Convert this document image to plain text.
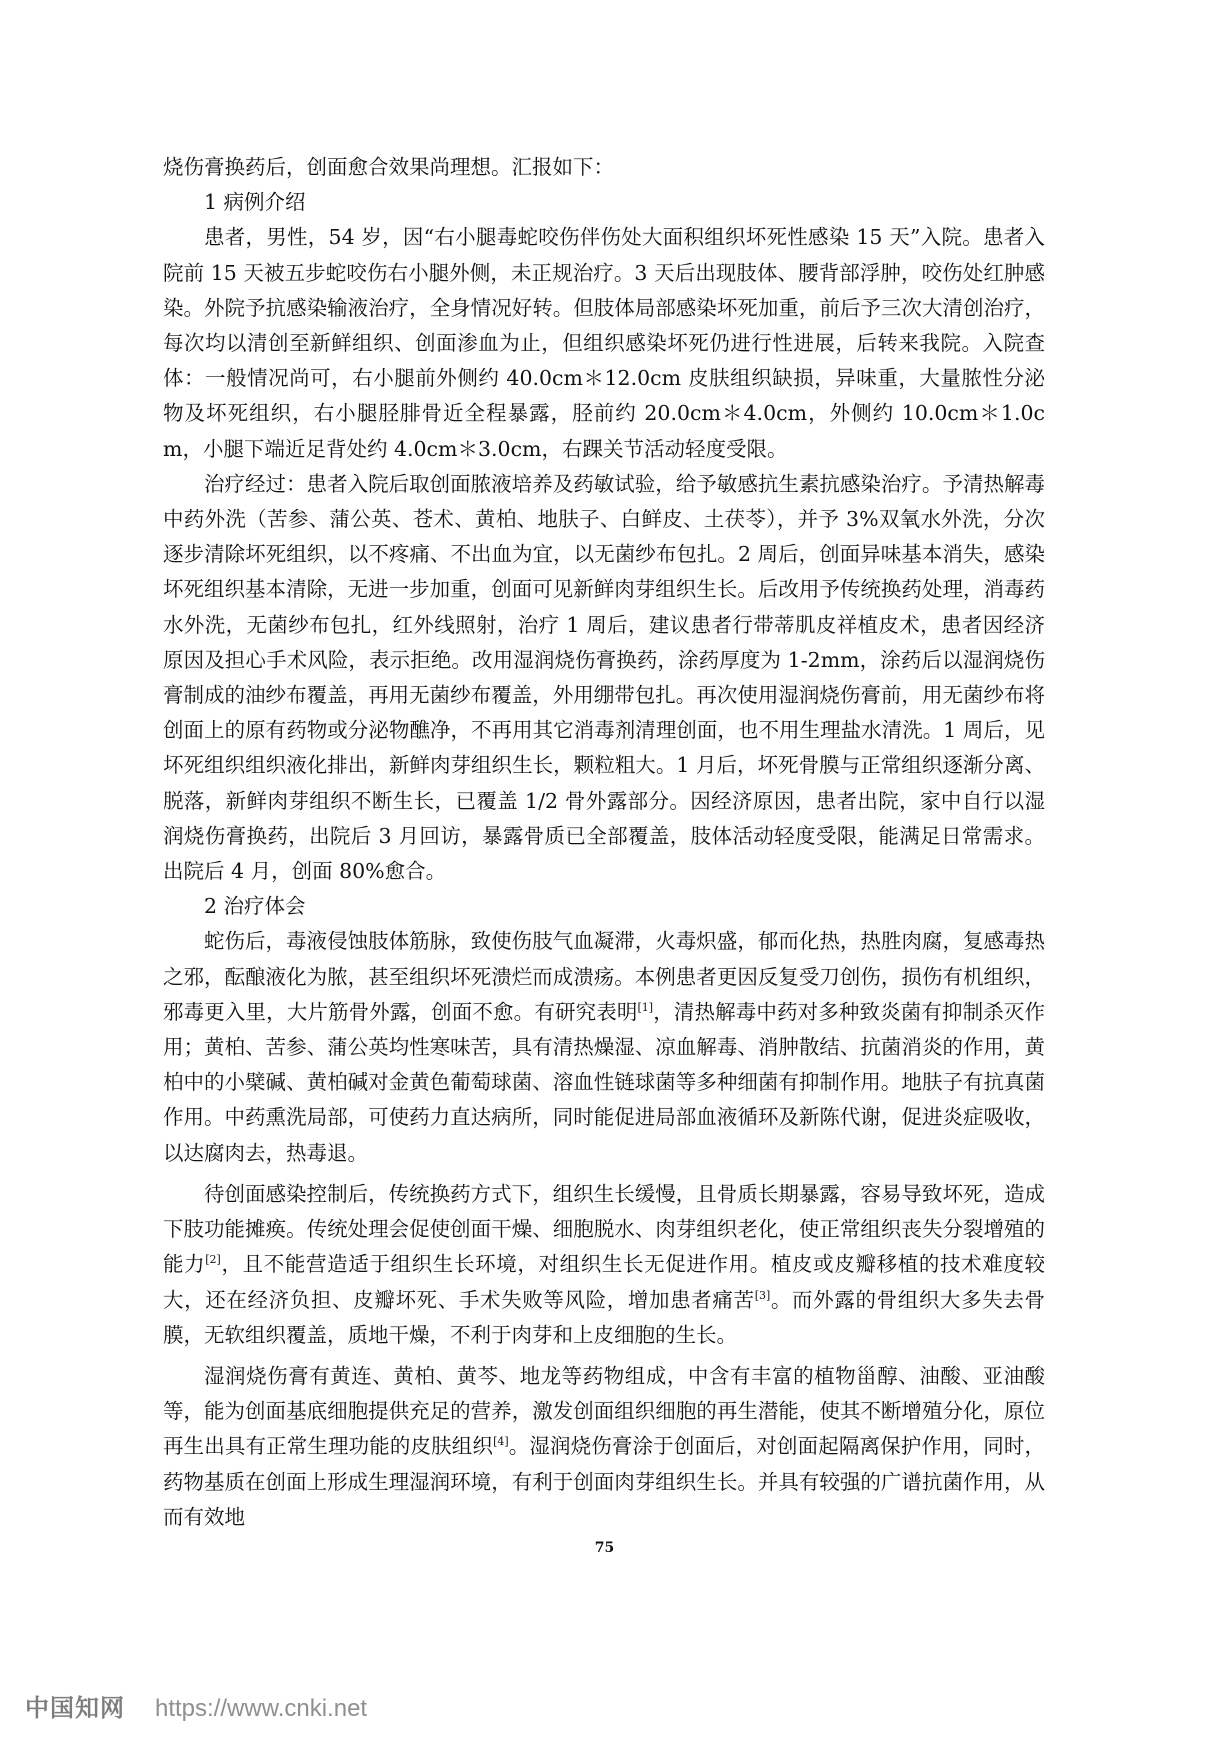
烧伤膏换药后，创面愈合效果尚理想。汇报如下：

1 病例介绍

患者，男性，54 岁，因“右小腿毒蛇咬伤伴伤处大面积组织坏死性感染 15 天”入院。患者入院前 15 天被五步蛇咬伤右小腿外侧，未正规治疗。3 天后出现肢体、腰背部浮肿，咬伤处红肿感染。外院予抗感染输液治疗，全身情况好转。但肢体局部感染坏死加重，前后予三次大清创治疗，每次均以清创至新鲜组织、创面渗血为止，但组织感染坏死仍进行性进展，后转来我院。入院查体：一般情况尚可，右小腿前外侧约 40.0cm＊12.0cm 皮肤组织缺损，异味重，大量脓性分泌物及坏死组织，右小腿胫腓骨近全程暴露，胫前约 20.0cm＊4.0cm，外侧约 10.0cm＊1.0cm，小腿下端近足背处约 4.0cm＊3.0cm，右踝关节活动轻度受限。

治疗经过：患者入院后取创面脓液培养及药敏试验，给予敏感抗生素抗感染治疗。予清热解毒中药外洗（苦参、蒲公英、苍术、黄柏、地肤子、白鲜皮、土茯苓），并予 3%双氧水外洗，分次逐步清除坏死组织，以不疼痛、不出血为宜，以无菌纱布包扎。2 周后，创面异味基本消失，感染坏死组织基本清除，无进一步加重，创面可见新鲜肉芽组织生长。后改用予传统换药处理，消毒药水外洗，无菌纱布包扎，红外线照射，治疗 1 周后，建议患者行带蒂肌皮祥植皮术，患者因经济原因及担心手术风险，表示拒绝。改用湿润烧伤膏换药，涂药厚度为 1-2mm，涂药后以湿润烧伤膏制成的油纱布覆盖，再用无菌纱布覆盖，外用绷带包扎。再次使用湿润烧伤膏前，用无菌纱布将创面上的原有药物或分泌物醮净，不再用其它消毒剂清理创面，也不用生理盐水清洗。1 周后，见坏死组织组织液化排出，新鲜肉芽组织生长，颗粒粗大。1 月后，坏死骨膜与正常组织逐渐分离、脱落，新鲜肉芽组织不断生长，已覆盖 1/2 骨外露部分。因经济原因，患者出院，家中自行以湿润烧伤膏换药，出院后 3 月回访，暴露骨质已全部覆盖，肢体活动轻度受限，能满足日常需求。出院后 4 月，创面 80%愈合。

2 治疗体会

蛇伤后，毒液侵蚀肢体筋脉，致使伤肢气血凝滞，火毒炽盛，郁而化热，热胜肉腐，复感毒热之邪，酝酿液化为脓，甚至组织坏死溃烂而成溃疡。本例患者更因反复受刀创伤，损伤有机组织，邪毒更入里，大片筋骨外露，创面不愈。有研究表明[1]，清热解毒中药对多种致炎菌有抑制杀灭作用；黄柏、苦参、蒲公英均性寒味苦，具有清热燥湿、凉血解毒、消肿散结、抗菌消炎的作用，黄柏中的小檗碱、黄柏碱对金黄色葡萄球菌、溶血性链球菌等多种细菌有抑制作用。地肤子有抗真菌作用。中药熏洗局部，可使药力直达病所，同时能促进局部血液循环及新陈代谢，促进炎症吸收，以达腐肉去，热毒退。

待创面感染控制后，传统换药方式下，组织生长缓慢，且骨质长期暴露，容易导致坏死，造成下肢功能摊痪。传统处理会促使创面干燥、细胞脱水、肉芽组织老化，使正常组织丧失分裂增殖的能力[2]，且不能营造适于组织生长环境，对组织生长无促进作用。植皮或皮瓣移植的技术难度较大，还在经济负担、皮瓣坏死、手术失败等风险，增加患者痛苦[3]。而外露的骨组织大多失去骨膜，无软组织覆盖，质地干燥，不利于肉芽和上皮细胞的生长。

湿润烧伤膏有黄连、黄柏、黄芩、地龙等药物组成，中含有丰富的植物甾醇、油酸、亚油酸等，能为创面基底细胞提供充足的营养，激发创面组织细胞的再生潜能，使其不断增殖分化，原位再生出具有正常生理功能的皮肤组织[4]。湿润烧伤膏涂于创面后，对创面起隔离保护作用，同时，药物基质在创面上形成生理湿润环境，有利于创面肉芽组织生长。并具有较强的广谱抗菌作用，从而有效地

75
中国知网 https://www.cnki.net
